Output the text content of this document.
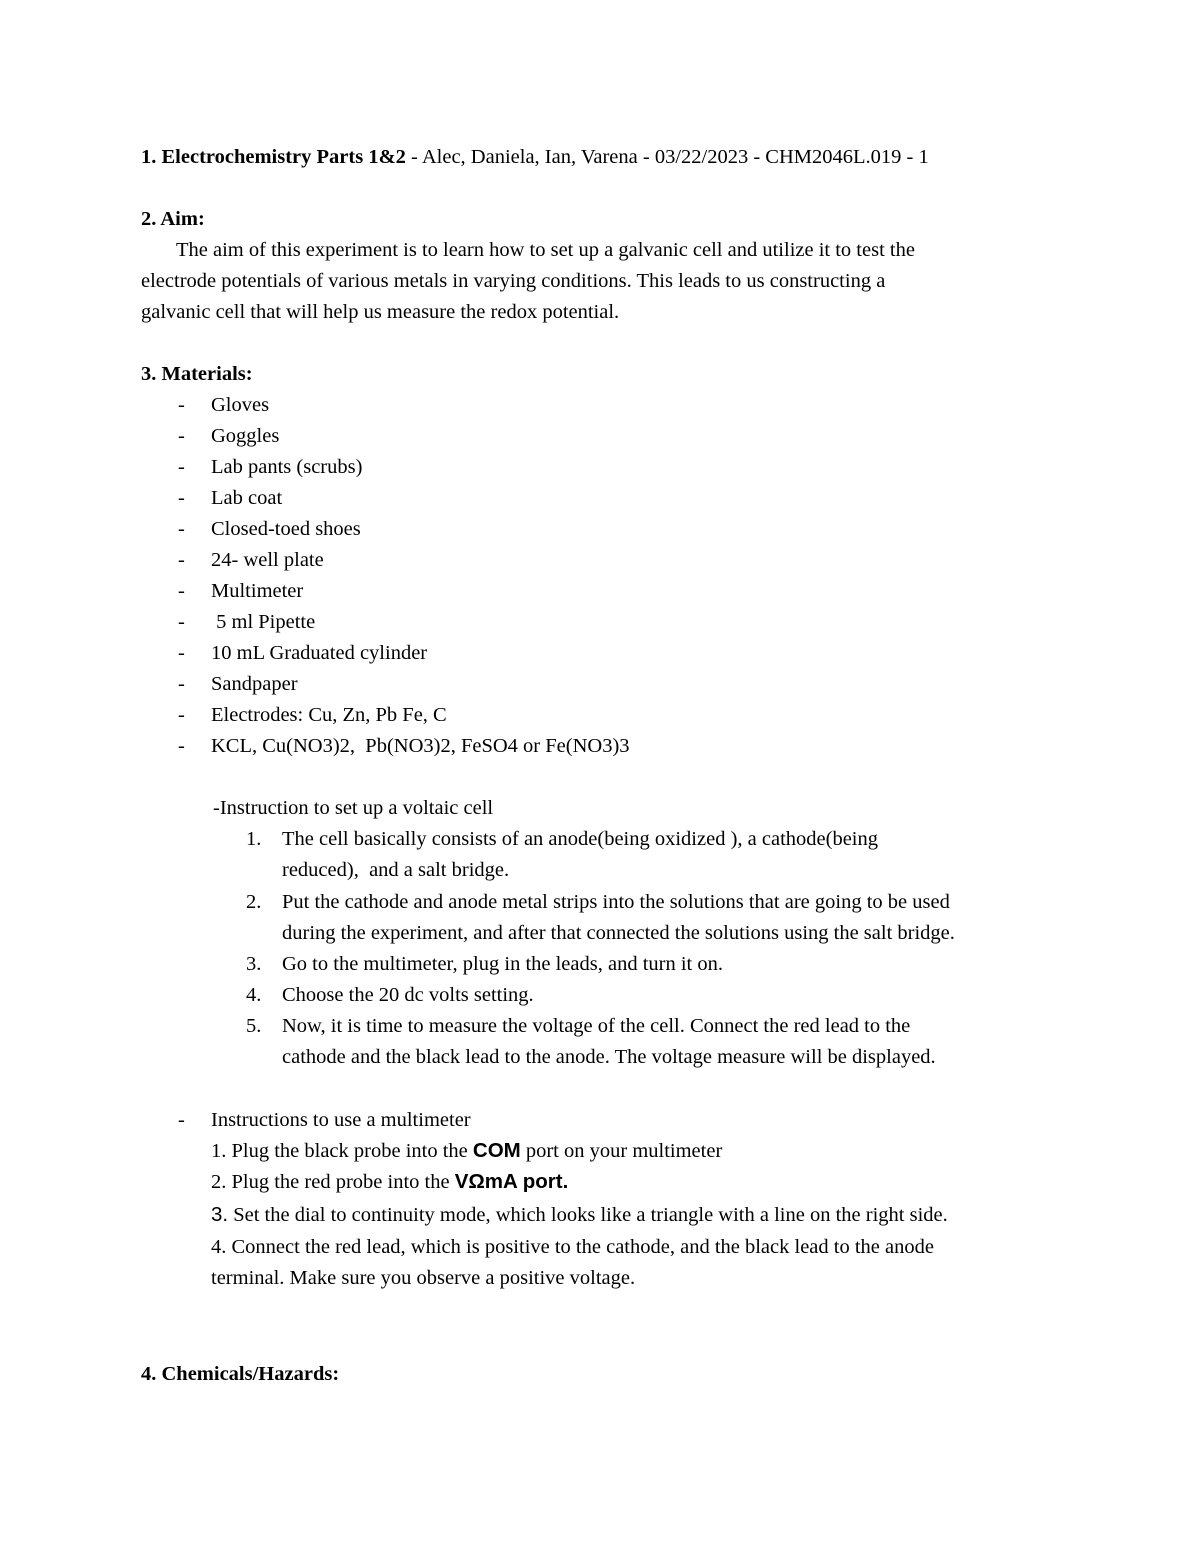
1. Electrochemistry Parts 1&2 - Alec, Daniela, Ian, Varena - 03/22/2023 - CHM2046L.019 - 1
2. Aim:
The aim of this experiment is to learn how to set up a galvanic cell and utilize it to test the
electrode potentials of various metals in varying conditions. This leads to us constructing a
galvanic cell that will help us measure the redox potential.
3. Materials:
- Gloves
- Goggles
- Lab pants (scrubs)
- Lab coat
- Closed-toed shoes
- 24- well plate
- Multimeter
- 5 ml Pipette
- 10 mL Graduated cylinder
- Sandpaper
- Electrodes: Cu, Zn, Pb Fe, C
- KCL, Cu(NO3)2,  Pb(NO3)2, FeSO4 or Fe(NO3)3
-Instruction to set up a voltaic cell
1. The cell basically consists of an anode(being oxidized ), a cathode(being
reduced),  and a salt bridge.
2. Put the cathode and anode metal strips into the solutions that are going to be used
during the experiment, and after that connected the solutions using the salt bridge.
3. Go to the multimeter, plug in the leads, and turn it on.
4. Choose the 20 dc volts setting.
5. Now, it is time to measure the voltage of the cell. Connect the red lead to the
cathode and the black lead to the anode. The voltage measure will be displayed.
- Instructions to use a multimeter
1. Plug the black probe into the COM port on your multimeter
2. Plug the red probe into the VΩmA port.
3. Set the dial to continuity mode, which looks like a triangle with a line on the right side.
4. Connect the red lead, which is positive to the cathode, and the black lead to the anode
terminal. Make sure you observe a positive voltage.
4. Chemicals/Hazards:
